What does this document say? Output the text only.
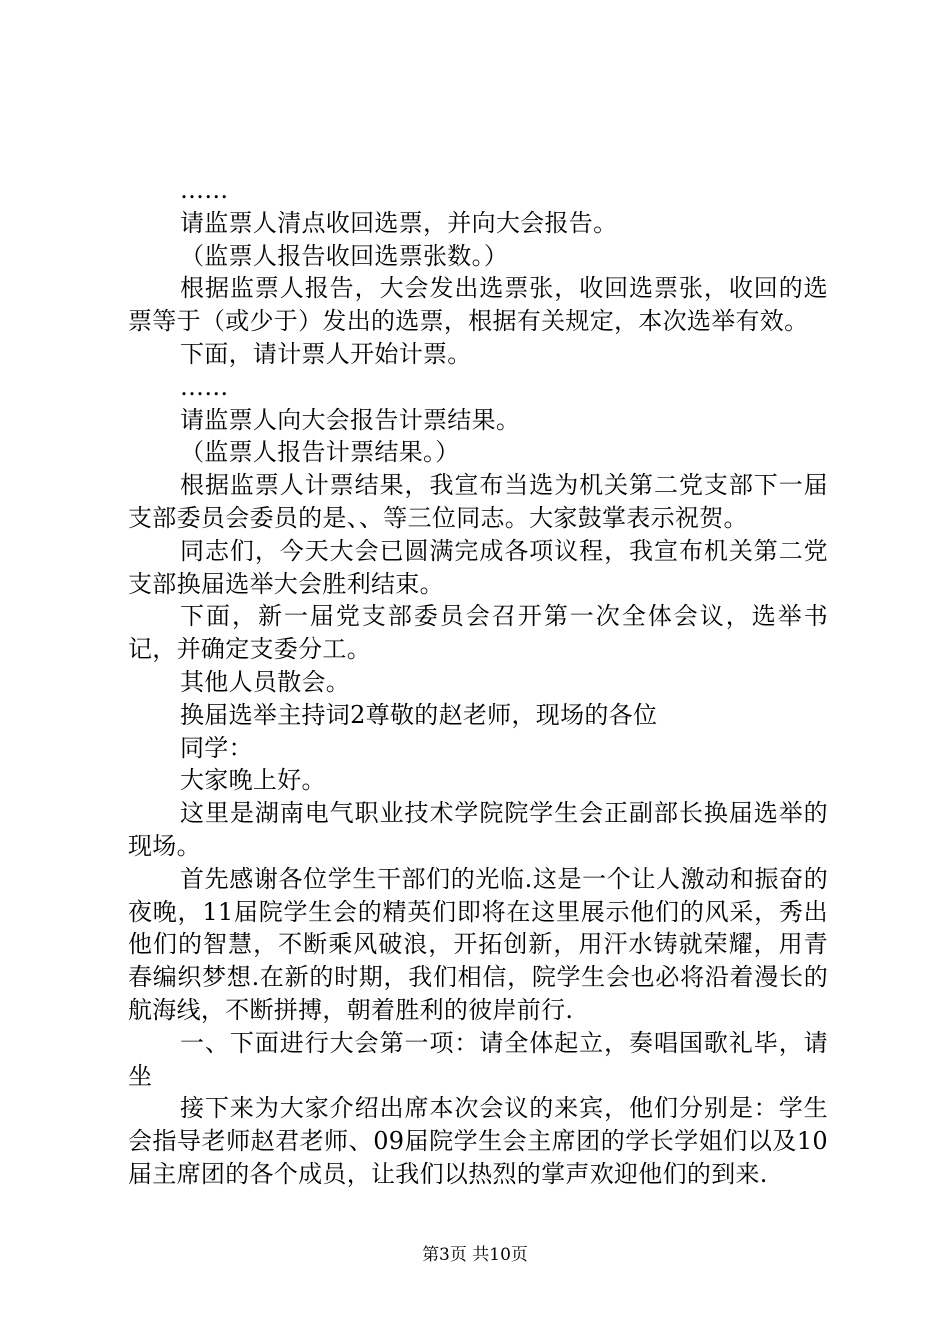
……

请监票人清点收回选票，并向大会报告。

（监票人报告收回选票张数。）

根据监票人报告，大会发出选票张，收回选票张，收回的选票等于（或少于）发出的选票，根据有关规定，本次选举有效。

下面，请计票人开始计票。

……

请监票人向大会报告计票结果。

（监票人报告计票结果。）

根据监票人计票结果，我宣布当选为机关第二党支部下一届支部委员会委员的是、、等三位同志。大家鼓掌表示祝贺。

同志们，今天大会已圆满完成各项议程，我宣布机关第二党支部换届选举大会胜利结束。

下面，新一届党支部委员会召开第一次全体会议，选举书记，并确定支委分工。

其他人员散会。

换届选举主持词2尊敬的赵老师，现场的各位

同学：

大家晚上好。

这里是湖南电气职业技术学院院学生会正副部长换届选举的现场。

首先感谢各位学生干部们的光临.这是一个让人激动和振奋的夜晚，11届院学生会的精英们即将在这里展示他们的风采，秀出他们的智慧，不断乘风破浪，开拓创新，用汗水铸就荣耀，用青春编织梦想.在新的时期，我们相信，院学生会也必将沿着漫长的航海线，不断拼搏，朝着胜利的彼岸前行.

一、下面进行大会第一项：请全体起立，奏唱国歌礼毕，请坐

接下来为大家介绍出席本次会议的来宾，他们分别是：学生会指导老师赵君老师、09届院学生会主席团的学长学姐们以及10届主席团的各个成员，让我们以热烈的掌声欢迎他们的到来.

第3页 共10页
